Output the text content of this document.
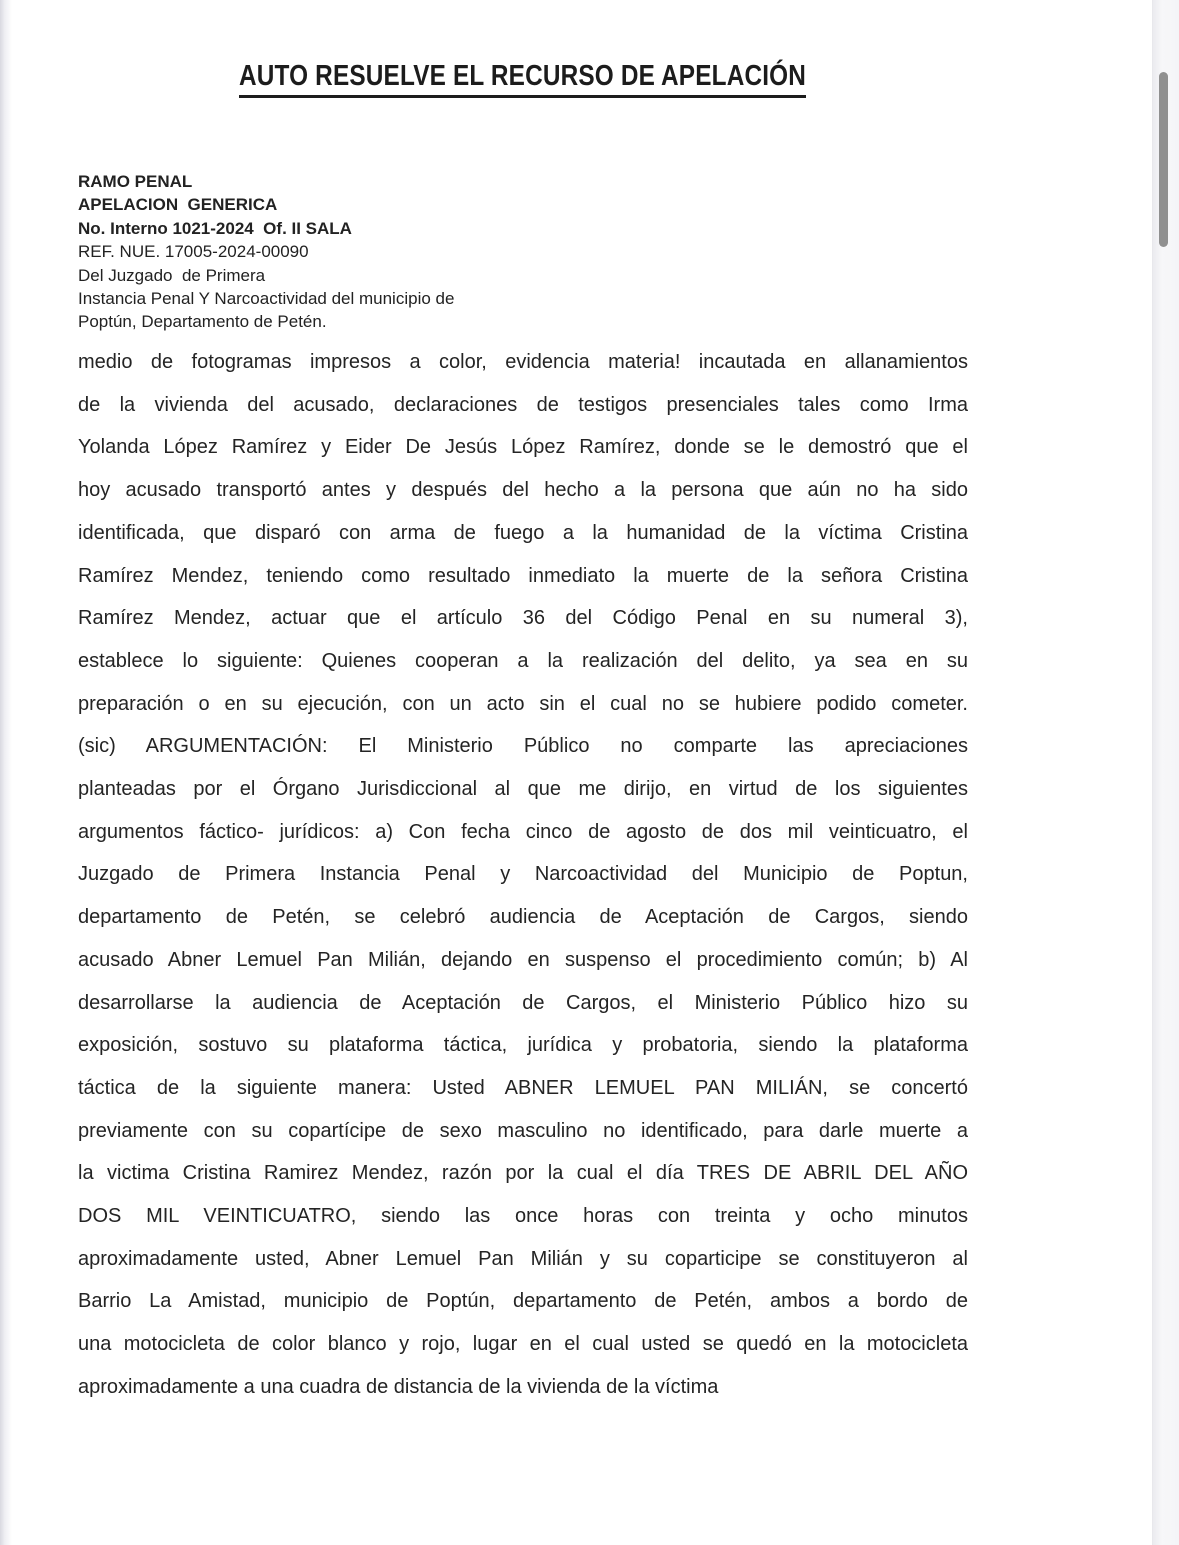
AUTO RESUELVE EL RECURSO DE APELACIÓN
RAMO PENAL
APELACION  GENERICA
No. Interno 1021-2024  Of. II SALA
REF. NUE. 17005-2024-00090
Del Juzgado  de Primera
Instancia Penal Y Narcoactividad del municipio de
Poptún, Departamento de Petén.
medio de fotogramas impresos a color, evidencia materia! incautada en allanamientos
de la vivienda del acusado, declaraciones de testigos presenciales tales como Irma
Yolanda López Ramírez y Eider De Jesús López Ramírez, donde se le demostró que el
hoy acusado transportó antes y después del hecho a la persona que aún no ha sido
identificada, que disparó con arma de fuego a la humanidad de la víctima Cristina
Ramírez Mendez, teniendo como resultado inmediato la muerte de la señora Cristina
Ramírez Mendez, actuar que el artículo 36 del Código Penal en su numeral 3),
establece lo siguiente: Quienes cooperan a la realización del delito, ya sea en su
preparación o en su ejecución, con un acto sin el cual no se hubiere podido cometer.
(sic) ARGUMENTACIÓN: El Ministerio Público no comparte las apreciaciones
planteadas por el Órgano Jurisdiccional al que me dirijo, en virtud de los siguientes
argumentos fáctico- jurídicos: a) Con fecha cinco de agosto de dos mil veinticuatro, el
Juzgado de Primera Instancia Penal y Narcoactividad del Municipio de Poptun,
departamento de Petén, se celebró audiencia de Aceptación de Cargos, siendo
acusado Abner Lemuel Pan Milián, dejando en suspenso el procedimiento común; b) Al
desarrollarse la audiencia de Aceptación de Cargos, el Ministerio Público hizo su
exposición, sostuvo su plataforma táctica, jurídica y probatoria, siendo la plataforma
táctica de la siguiente manera: Usted ABNER LEMUEL PAN MILIÁN, se concertó
previamente con su copartícipe de sexo masculino no identificado, para darle muerte a
la victima Cristina Ramirez Mendez, razón por la cual el día TRES DE ABRIL DEL AÑO
DOS MIL VEINTICUATRO, siendo las once horas con treinta y ocho minutos
aproximadamente usted, Abner Lemuel Pan Milián y su coparticipe se constituyeron al
Barrio La Amistad, municipio de Poptún, departamento de Petén, ambos a bordo de
una motocicleta de color blanco y rojo, lugar en el cual usted se quedó en la motocicleta
aproximadamente a una cuadra de distancia de la vivienda de la víctima
